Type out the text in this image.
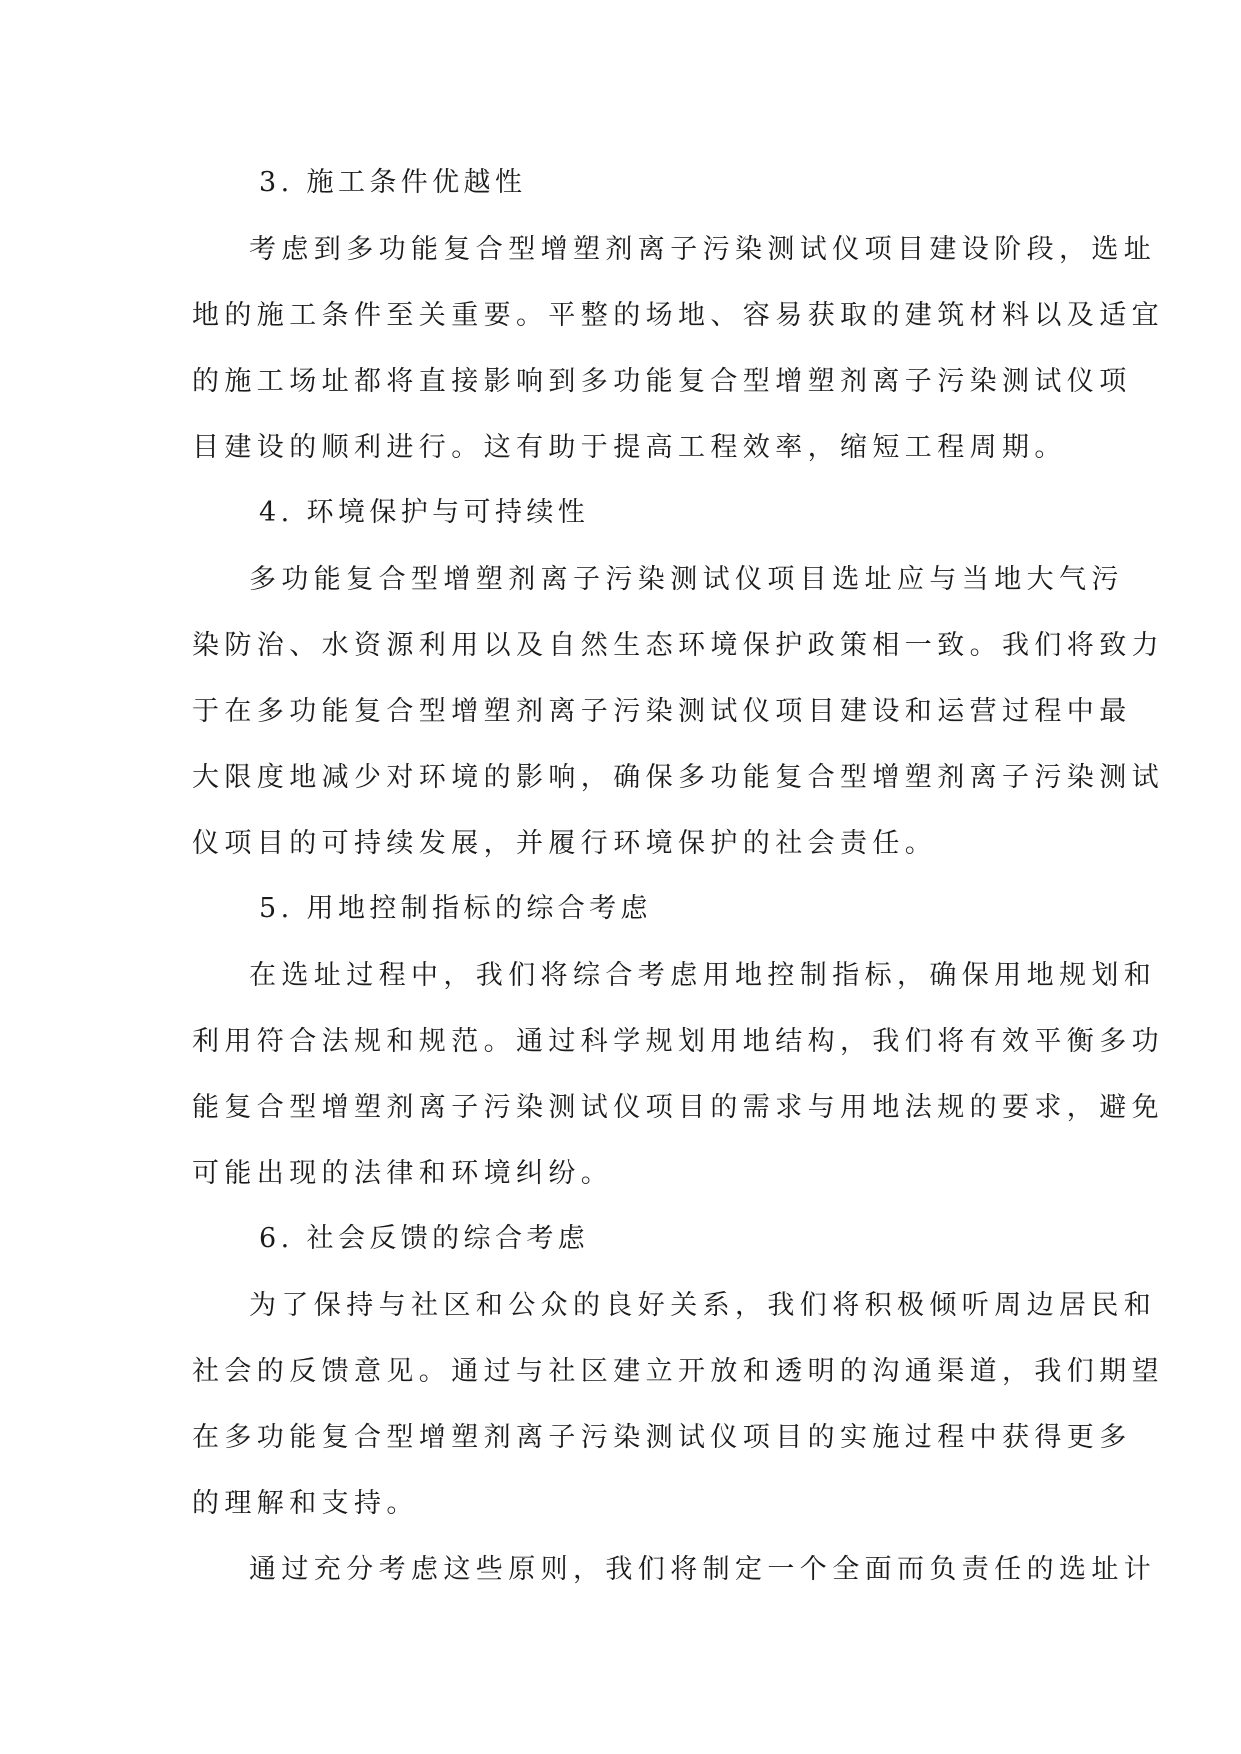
3. 施工条件优越性
考虑到多功能复合型增塑剂离子污染测试仪项目建设阶段，选址
地的施工条件至关重要。平整的场地、容易获取的建筑材料以及适宜
的施工场址都将直接影响到多功能复合型增塑剂离子污染测试仪项
目建设的顺利进行。这有助于提高工程效率，缩短工程周期。
4. 环境保护与可持续性
多功能复合型增塑剂离子污染测试仪项目选址应与当地大气污
染防治、水资源利用以及自然生态环境保护政策相一致。我们将致力
于在多功能复合型增塑剂离子污染测试仪项目建设和运营过程中最
大限度地减少对环境的影响，确保多功能复合型增塑剂离子污染测试
仪项目的可持续发展，并履行环境保护的社会责任。
5. 用地控制指标的综合考虑
在选址过程中，我们将综合考虑用地控制指标，确保用地规划和
利用符合法规和规范。通过科学规划用地结构，我们将有效平衡多功
能复合型增塑剂离子污染测试仪项目的需求与用地法规的要求，避免
可能出现的法律和环境纠纷。
6. 社会反馈的综合考虑
为了保持与社区和公众的良好关系，我们将积极倾听周边居民和
社会的反馈意见。通过与社区建立开放和透明的沟通渠道，我们期望
在多功能复合型增塑剂离子污染测试仪项目的实施过程中获得更多
的理解和支持。
通过充分考虑这些原则，我们将制定一个全面而负责任的选址计
